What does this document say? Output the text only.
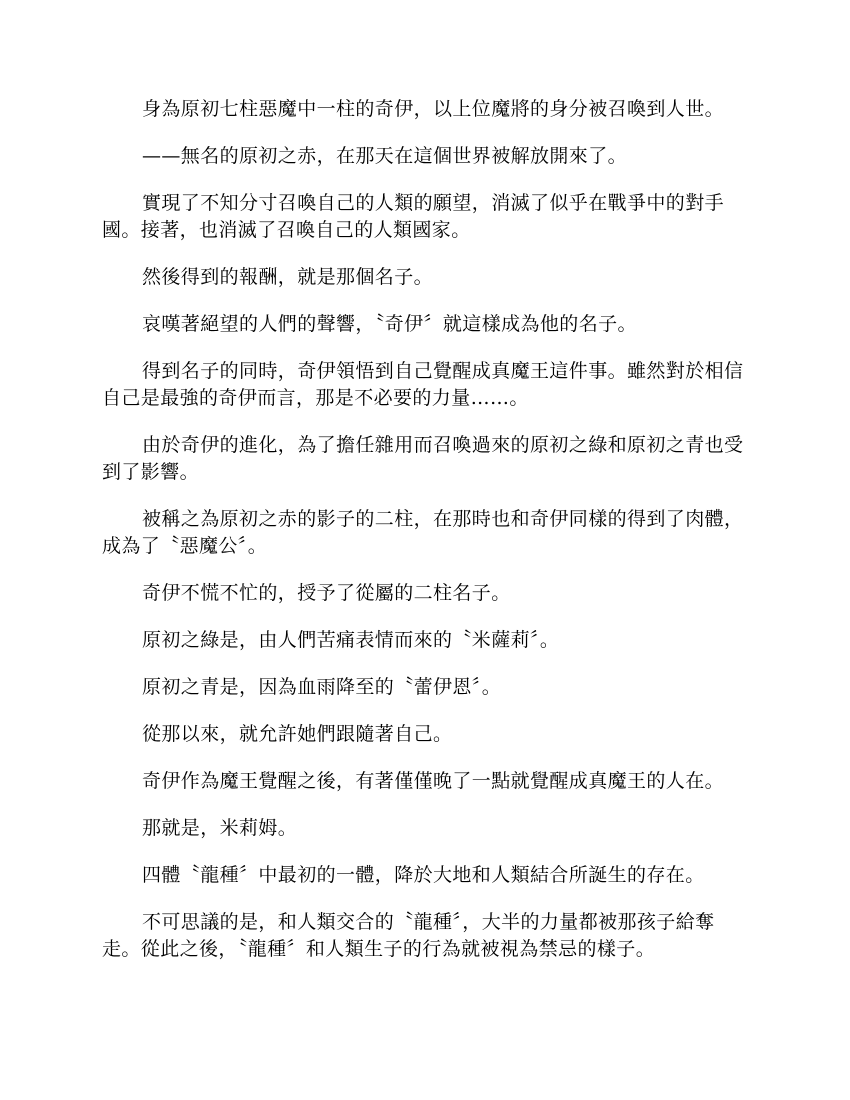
身為原初七柱惡魔中一柱的奇伊，以上位魔將的身分被召喚到人世。

——無名的原初之赤，在那天在這個世界被解放開來了。

實現了不知分寸召喚自己的人類的願望，消滅了似乎在戰爭中的對手國。接著，也消滅了召喚自己的人類國家。

然後得到的報酬，就是那個名子。

哀嘆著絕望的人們的聲響，〝奇伊〞就這樣成為他的名子。

得到名子的同時，奇伊領悟到自己覺醒成真魔王這件事。雖然對於相信自己是最強的奇伊而言，那是不必要的力量……。

由於奇伊的進化，為了擔任雜用而召喚過來的原初之綠和原初之青也受到了影響。

被稱之為原初之赤的影子的二柱，在那時也和奇伊同樣的得到了肉體，成為了〝惡魔公〞。

奇伊不慌不忙的，授予了從屬的二柱名子。

原初之綠是，由人們苦痛表情而來的〝米薩莉〞。

原初之青是，因為血雨降至的〝蕾伊恩〞。

從那以來，就允許她們跟隨著自己。

奇伊作為魔王覺醒之後，有著僅僅晚了一點就覺醒成真魔王的人在。

那就是，米莉姆。

四體〝龍種〞中最初的一體，降於大地和人類結合所誕生的存在。

不可思議的是，和人類交合的〝龍種〞，大半的力量都被那孩子給奪走。從此之後，〝龍種〞和人類生子的行為就被視為禁忌的樣子。
